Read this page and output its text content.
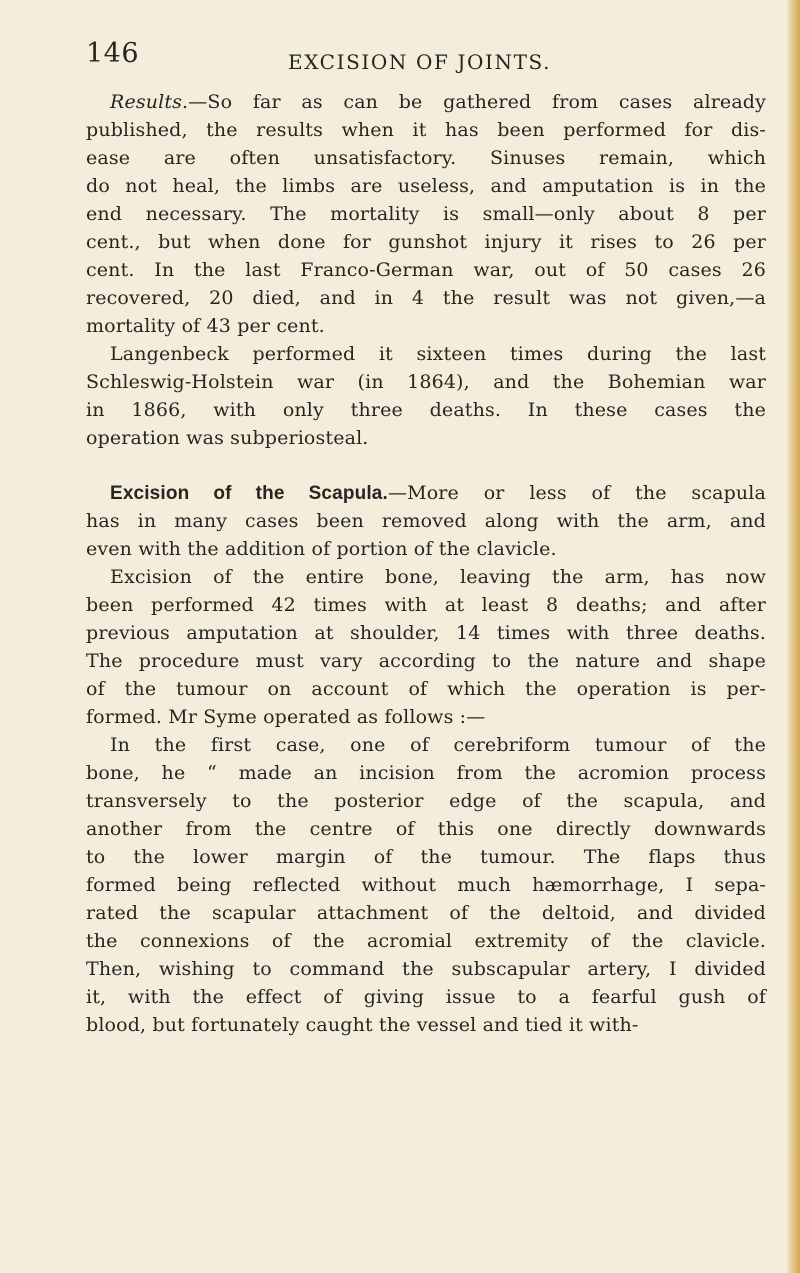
146	EXCISION OF JOINTS.
Results.—So far as can be gathered from cases already
published, the results when it has been performed for dis-
ease are often unsatisfactory. Sinuses remain, which
do not heal, the limbs are useless, and amputation is in the
end necessary. The mortality is small—only about 8 per
cent., but when done for gunshot injury it rises to 26 per
cent. In the last Franco-German war, out of 50 cases 26
recovered, 20 died, and in 4 the result was not given,—a
mortality of 43 per cent.
Langenbeck performed it sixteen times during the last
Schleswig-Holstein war (in 1864), and the Bohemian war
in 1866, with only three deaths. In these cases the
operation was subperiosteal.
Excision of the Scapula.—More or less of the scapula
has in many cases been removed along with the arm, and
even with the addition of portion of the clavicle.
Excision of the entire bone, leaving the arm, has now
been performed 42 times with at least 8 deaths; and after
previous amputation at shoulder, 14 times with three deaths.
The procedure must vary according to the nature and shape
of the tumour on account of which the operation is per-
formed. Mr Syme operated as follows :—
In the first case, one of cerebriform tumour of the
bone, he “ made an incision from the acromion process
transversely to the posterior edge of the scapula, and
another from the centre of this one directly downwards
to the lower margin of the tumour. The flaps thus
formed being reflected without much hæmorrhage, I sepa-
rated the scapular attachment of the deltoid, and divided
the connexions of the acromial extremity of the clavicle.
Then, wishing to command the subscapular artery, I divided
it, with the effect of giving issue to a fearful gush of
blood, but fortunately caught the vessel and tied it with-
